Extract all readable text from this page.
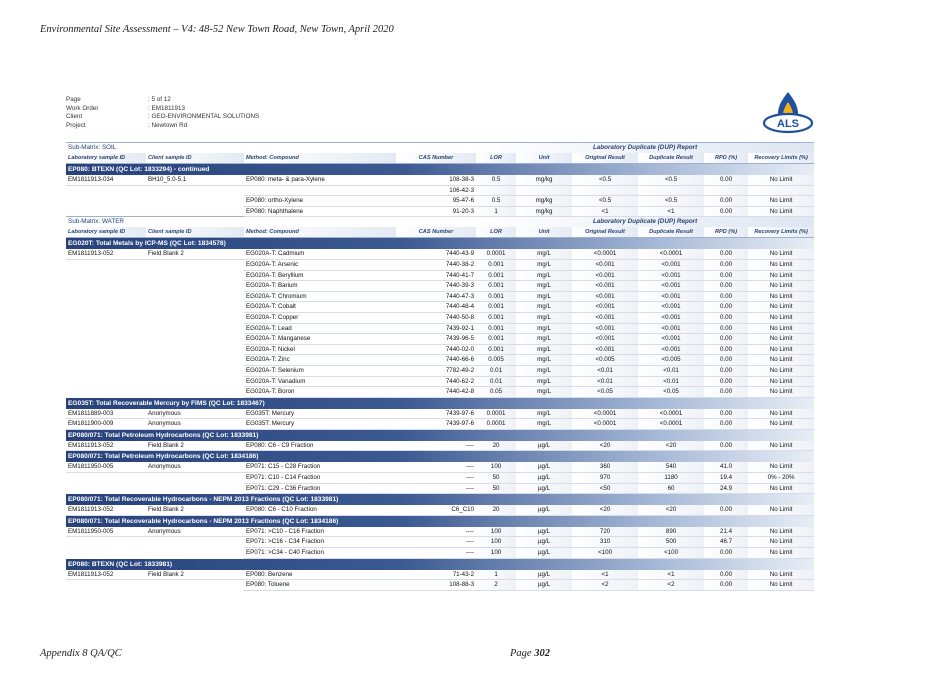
Environmental Site Assessment – V4: 48-52 New Town Road, New Town, April 2020
Page	: 5 of 12
Work Order	: EM1811913
Client	: GEO-ENVIRONMENTAL SOLUTIONS
Project	: Newtown Rd	ALS
Sub-Matrix: SOIL				Laboratory Duplicate (DUP) Report					
Laboratory sample ID	Client sample ID	Method: Compound	CAS Number	LOR	Unit	Original Result	Duplicate Result	RPD (%)	Recovery Limits (%)
EP080: BTEXN (QC Lot: 1833294) - continued									
EM1811913-034	BH10_5.0-5.1	EP080: meta- & para-Xylene	108-38-3	0.5	mg/kg	<0.5	<0.5	0.00	No Limit
			106-42-3						
		EP080: ortho-Xylene	95-47-6	0.5	mg/kg	<0.5	<0.5	0.00	No Limit
		EP080: Naphthalene	91-20-3	1	mg/kg	<1	<1	0.00	No Limit
Sub-Matrix: WATER				Laboratory Duplicate (DUP) Report					
Laboratory sample ID	Client sample ID	Method: Compound	CAS Number	LOR	Unit	Original Result	Duplicate Result	RPD (%)	Recovery Limits (%)
EG020T: Total Metals by ICP-MS (QC Lot: 1834578)									
EM1811913-052	Field Blank 2	EG020A-T: Cadmium	7440-43-9	0.0001	mg/L	<0.0001	<0.0001	0.00	No Limit
		EG020A-T: Arsenic	7440-38-2	0.001	mg/L	<0.001	<0.001	0.00	No Limit
		EG020A-T: Beryllium	7440-41-7	0.001	mg/L	<0.001	<0.001	0.00	No Limit
		EG020A-T: Barium	7440-39-3	0.001	mg/L	<0.001	<0.001	0.00	No Limit
		EG020A-T: Chromium	7440-47-3	0.001	mg/L	<0.001	<0.001	0.00	No Limit
		EG020A-T: Cobalt	7440-48-4	0.001	mg/L	<0.001	<0.001	0.00	No Limit
		EG020A-T: Copper	7440-50-8	0.001	mg/L	<0.001	<0.001	0.00	No Limit
		EG020A-T: Lead	7439-92-1	0.001	mg/L	<0.001	<0.001	0.00	No Limit
		EG020A-T: Manganese	7439-96-5	0.001	mg/L	<0.001	<0.001	0.00	No Limit
		EG020A-T: Nickel	7440-02-0	0.001	mg/L	<0.001	<0.001	0.00	No Limit
		EG020A-T: Zinc	7440-66-6	0.005	mg/L	<0.005	<0.005	0.00	No Limit
		EG020A-T: Selenium	7782-49-2	0.01	mg/L	<0.01	<0.01	0.00	No Limit
		EG020A-T: Vanadium	7440-62-2	0.01	mg/L	<0.01	<0.01	0.00	No Limit
		EG020A-T: Boron	7440-42-8	0.05	mg/L	<0.05	<0.05	0.00	No Limit
EG035T: Total Recoverable Mercury by FIMS (QC Lot: 1833467)									
EM1811889-003	Anonymous	EG035T: Mercury	7439-97-6	0.0001	mg/L	<0.0001	<0.0001	0.00	No Limit
EM1811900-009	Anonymous	EG035T: Mercury	7439-97-6	0.0001	mg/L	<0.0001	<0.0001	0.00	No Limit
EP080/071: Total Petroleum Hydrocarbons (QC Lot: 1833981)									
EM1811913-052	Field Blank 2	EP080: C6 - C9 Fraction	----	20	µg/L	<20	<20	0.00	No Limit
EP080/071: Total Petroleum Hydrocarbons (QC Lot: 1834186)									
EM1811950-005	Anonymous	EP071: C15 - C28 Fraction	----	100	µg/L	360	540	41.0	No Limit
		EP071: C10 - C14 Fraction	----	50	µg/L	970	1180	19.4	0% - 20%
		EP071: C29 - C36 Fraction	----	50	µg/L	<50	60	24.9	No Limit
EP080/071: Total Recoverable Hydrocarbons - NEPM 2013 Fractions (QC Lot: 1833981)									
EM1811913-052	Field Blank 2	EP080: C6 - C10 Fraction	C6_C10	20	µg/L	<20	<20	0.00	No Limit
EP080/071: Total Recoverable Hydrocarbons - NEPM 2013 Fractions (QC Lot: 1834186)									
EM1811950-005	Anonymous	EP071: >C10 - C16 Fraction	----	100	µg/L	720	890	21.4	No Limit
		EP071: >C16 - C34 Fraction	----	100	µg/L	310	500	46.7	No Limit
		EP071: >C34 - C40 Fraction	----	100	µg/L	<100	<100	0.00	No Limit
EP080: BTEXN (QC Lot: 1833981)									
EM1811913-052	Field Blank 2	EP080: Benzene	71-43-2	1	µg/L	<1	<1	0.00	No Limit
		EP080: Toluene	108-88-3	2	µg/L	<2	<2	0.00	No Limit
Appendix 8 QA/QC	Page 302
